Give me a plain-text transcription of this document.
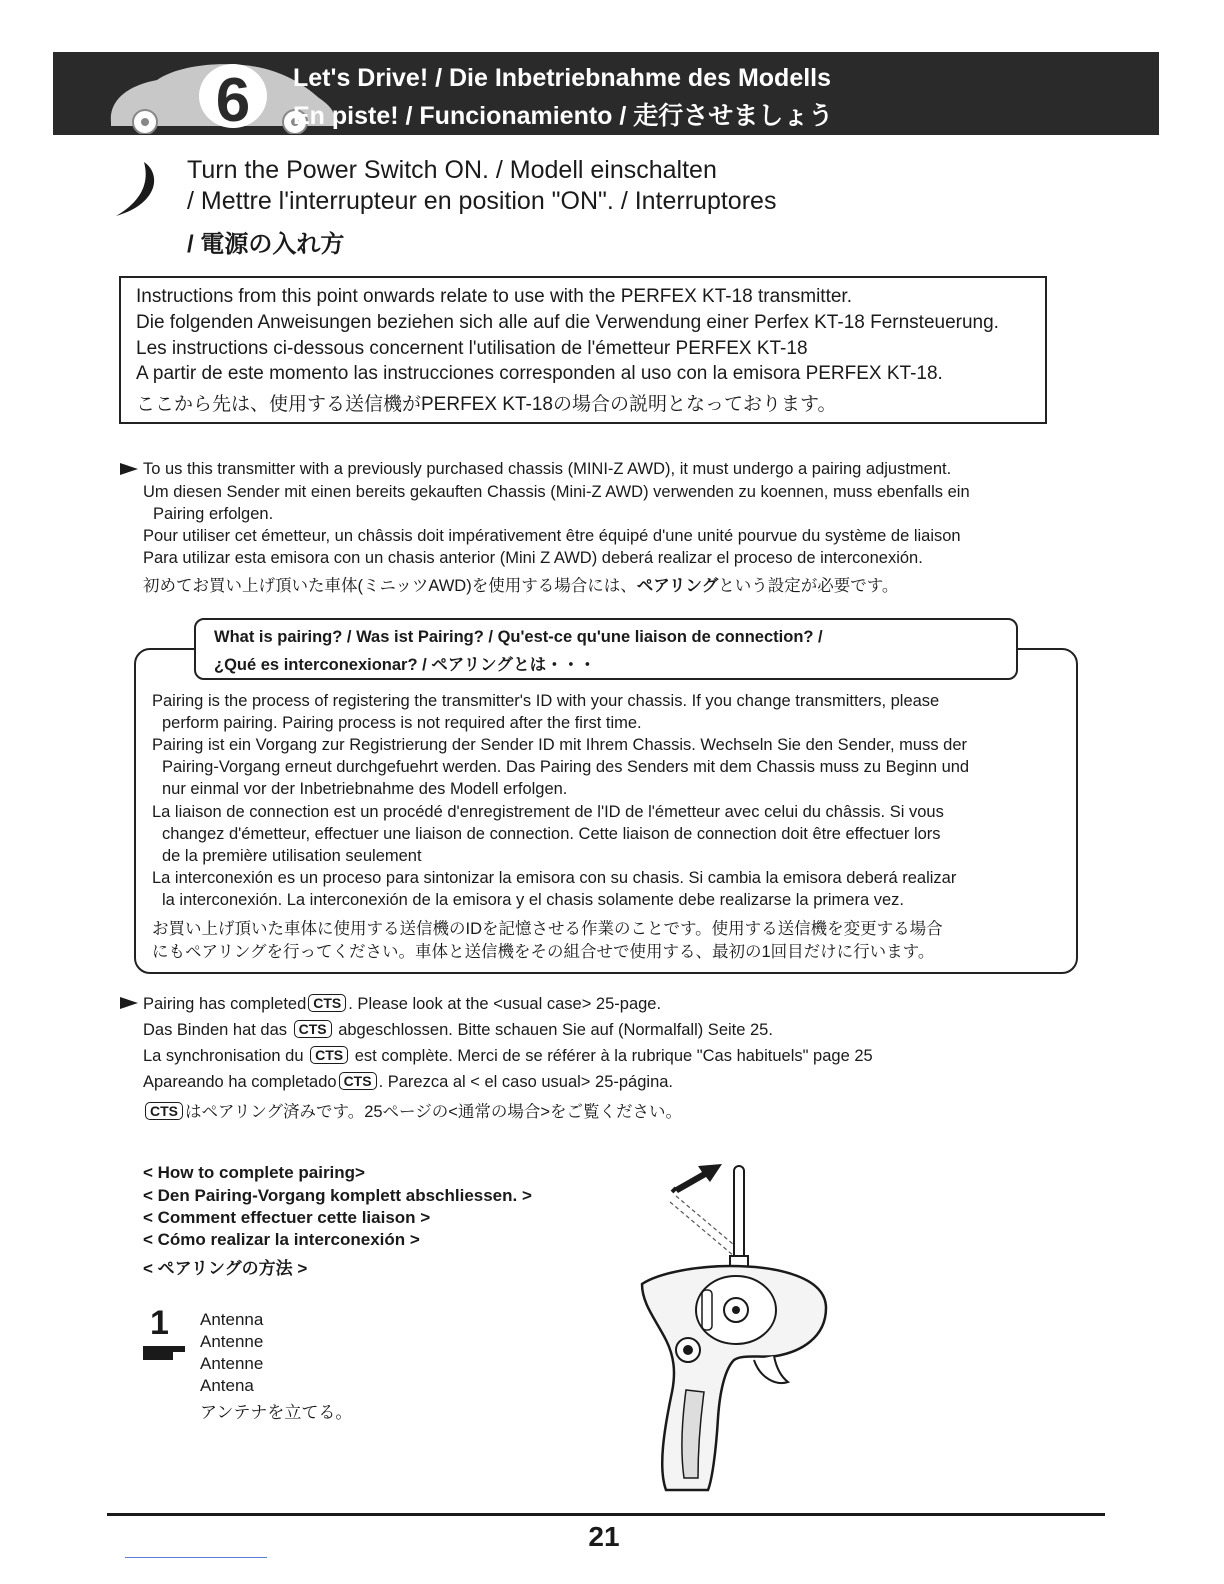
6 Let's Drive! / Die Inbetriebnahme des Modells
En piste! / Funcionamiento / 走行させましょう
Turn the Power Switch ON. / Modell einschalten
/ Mettre l'interrupteur en position "ON". / Interruptores
/ 電源の入れ方
Instructions from this point onwards relate to use with the PERFEX KT-18 transmitter.
Die folgenden Anweisungen beziehen sich alle auf die Verwendung einer Perfex KT-18 Fernsteuerung.
Les instructions ci-dessous concernent l'utilisation de l'émetteur PERFEX KT-18
A partir de este momento las instrucciones corresponden al uso con la emisora PERFEX KT-18.
ここから先は、使用する送信機がPERFEX KT-18の場合の説明となっております。
To us this transmitter with a previously purchased chassis (MINI-Z AWD), it must undergo a pairing adjustment.
Um diesen Sender mit einen bereits gekauften Chassis (Mini-Z AWD) verwenden zu koennen, muss ebenfalls ein
Pairing erfolgen.
Pour utiliser cet émetteur, un châssis doit impérativement être équipé d'une unité pourvue du système de liaison
Para utilizar esta emisora con un chasis anterior (Mini Z AWD) deberá realizar el proceso de interconexión.
初めてお買い上げ頂いた車体(ミニッツAWD)を使用する場合には、ペアリングという設定が必要です。
What is pairing? / Was ist Pairing? / Qu'est-ce qu'une liaison de connection? /
¿Qué es interconexionar? / ペアリングとは・・・
Pairing is the process of registering the transmitter's ID with your chassis. If you change transmitters, please
perform pairing. Pairing process is not required after the first time.
Pairing ist ein Vorgang zur Registrierung der Sender ID mit Ihrem Chassis. Wechseln Sie den Sender, muss der
Pairing-Vorgang erneut durchgefuehrt werden. Das Pairing des Senders mit dem Chassis muss zu Beginn und
nur einmal vor der Inbetriebnahme des Modell erfolgen.
La liaison de connection est un procédé d'enregistrement de l'ID de l'émetteur avec celui du châssis. Si vous
changez d'émetteur, effectuer une liaison de connection. Cette liaison de connection doit être effectuer lors
de la première utilisation seulement
La interconexión es un proceso para sintonizar la emisora con su chasis. Si cambia la emisora deberá realizar
la interconexión. La interconexión de la emisora y el chasis solamente debe realizarse la primera vez.
お買い上げ頂いた車体に使用する送信機のIDを記憶させる作業のことです。使用する送信機を変更する場合
にもペアリングを行ってください。車体と送信機をその組合せで使用する、最初の1回目だけに行います。
Pairing has completed CTS . Please look at the <usual case> 25-page.
Das Binden hat das CTS abgeschlossen. Bitte schauen Sie auf (Normalfall) Seite 25.
La synchronisation du CTS est complète. Merci de se référer à la rubrique "Cas habituels" page 25
Apareando ha completado CTS . Parezca al < el caso usual> 25-página.
CTS はペアリング済みです。25ページの<通常の場合>をご覧ください。
< How to complete pairing>
< Den Pairing-Vorgang komplett abschliessen. >
< Comment effectuer cette liaison >
< Cómo realizar la interconexión >
< ペアリングの方法 >
1 Antenna
Antenne
Antenne
Antena
アンテナを立てる。
21
